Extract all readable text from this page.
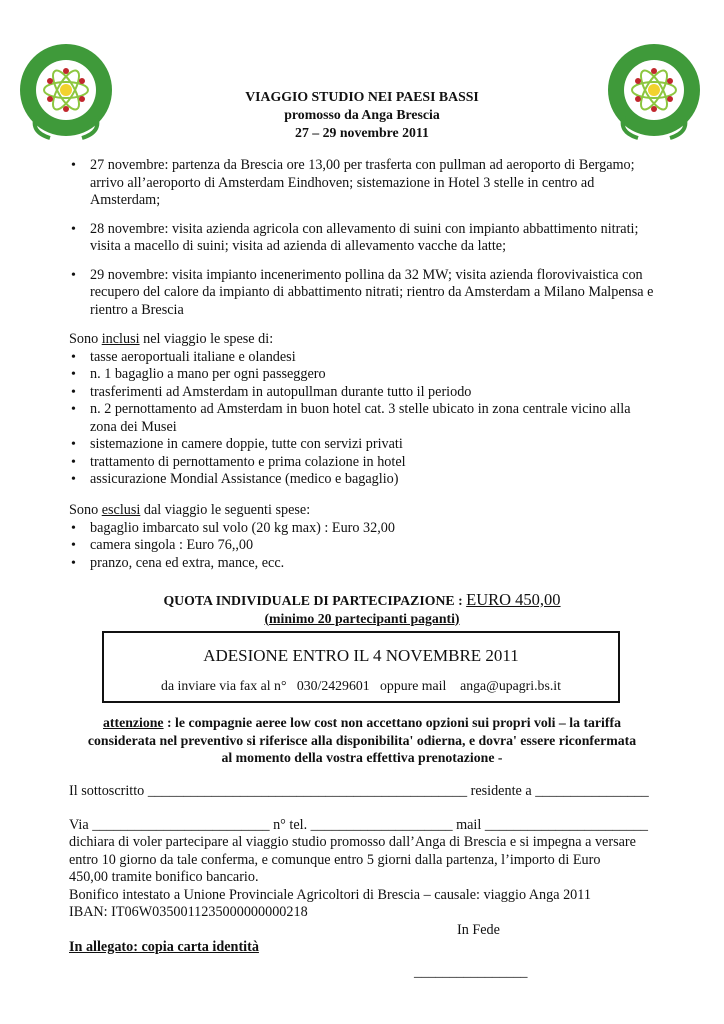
VIAGGIO STUDIO NEI PAESI BASSI
promosso da Anga Brescia
27 – 29 novembre 2011
• 27 novembre: partenza da Brescia ore 13,00 per trasferta con pullman ad aeroporto di Bergamo; arrivo all’aeroporto di Amsterdam Eindhoven; sistemazione in Hotel 3 stelle in centro ad Amsterdam;
• 28 novembre: visita azienda agricola con allevamento di suini con impianto abbattimento nitrati; visita a macello di suini; visita ad azienda di allevamento vacche da latte;
• 29 novembre: visita impianto incenerimento pollina da 32 MW; visita azienda florovivaistica con recupero del calore da impianto di abbattimento nitrati; rientro da Amsterdam a Milano Malpensa e rientro a Brescia
Sono inclusi nel viaggio le spese di:
• tasse aeroportuali italiane e olandesi
• n. 1 bagaglio a mano per ogni passeggero
• trasferimenti ad Amsterdam in autopullman durante tutto il periodo
• n. 2 pernottamento ad Amsterdam in buon hotel cat. 3 stelle ubicato in zona centrale vicino alla zona dei Musei
• sistemazione in camere doppie, tutte con servizi privati
• trattamento di pernottamento e prima colazione in hotel
• assicurazione Mondial Assistance (medico e bagaglio)
Sono esclusi dal viaggio le seguenti spese:
• bagaglio imbarcato sul volo (20 kg max) : Euro 32,00
• camera singola : Euro 76,,00
• pranzo, cena ed extra, mance, ecc.
QUOTA INDIVIDUALE DI PARTECIPAZIONE : EURO 450,00
(minimo 20 partecipanti paganti)
ADESIONE ENTRO IL 4 NOVEMBRE 2011
da inviare via fax al n° 030/2429601 oppure mail anga@upagri.bs.it
attenzione : le compagnie aeree low cost non accettano opzioni sui propri voli – la tariffa
considerata nel preventivo si riferisce alla disponibilita' odierna, e dovra' essere riconfermata
al momento della vostra effettiva prenotazione -
Il sottoscritto _____________________________________________ residente a ________________
Via _________________________ n° tel. ____________________ mail _______________________
dichiara di voler partecipare al viaggio studio promosso dall’Anga di Brescia e si impegna a versare
entro 10 giorno da tale conferma, e comunque entro 5 giorni dalla partenza, l’importo di Euro
450,00 tramite bonifico bancario.
Bonifico intestato a Unione Provinciale Agricoltori di Brescia – causale: viaggio Anga 2011
IBAN: IT06W0350011235000000000218
In Fede
In allegato: copia carta identità
________________
